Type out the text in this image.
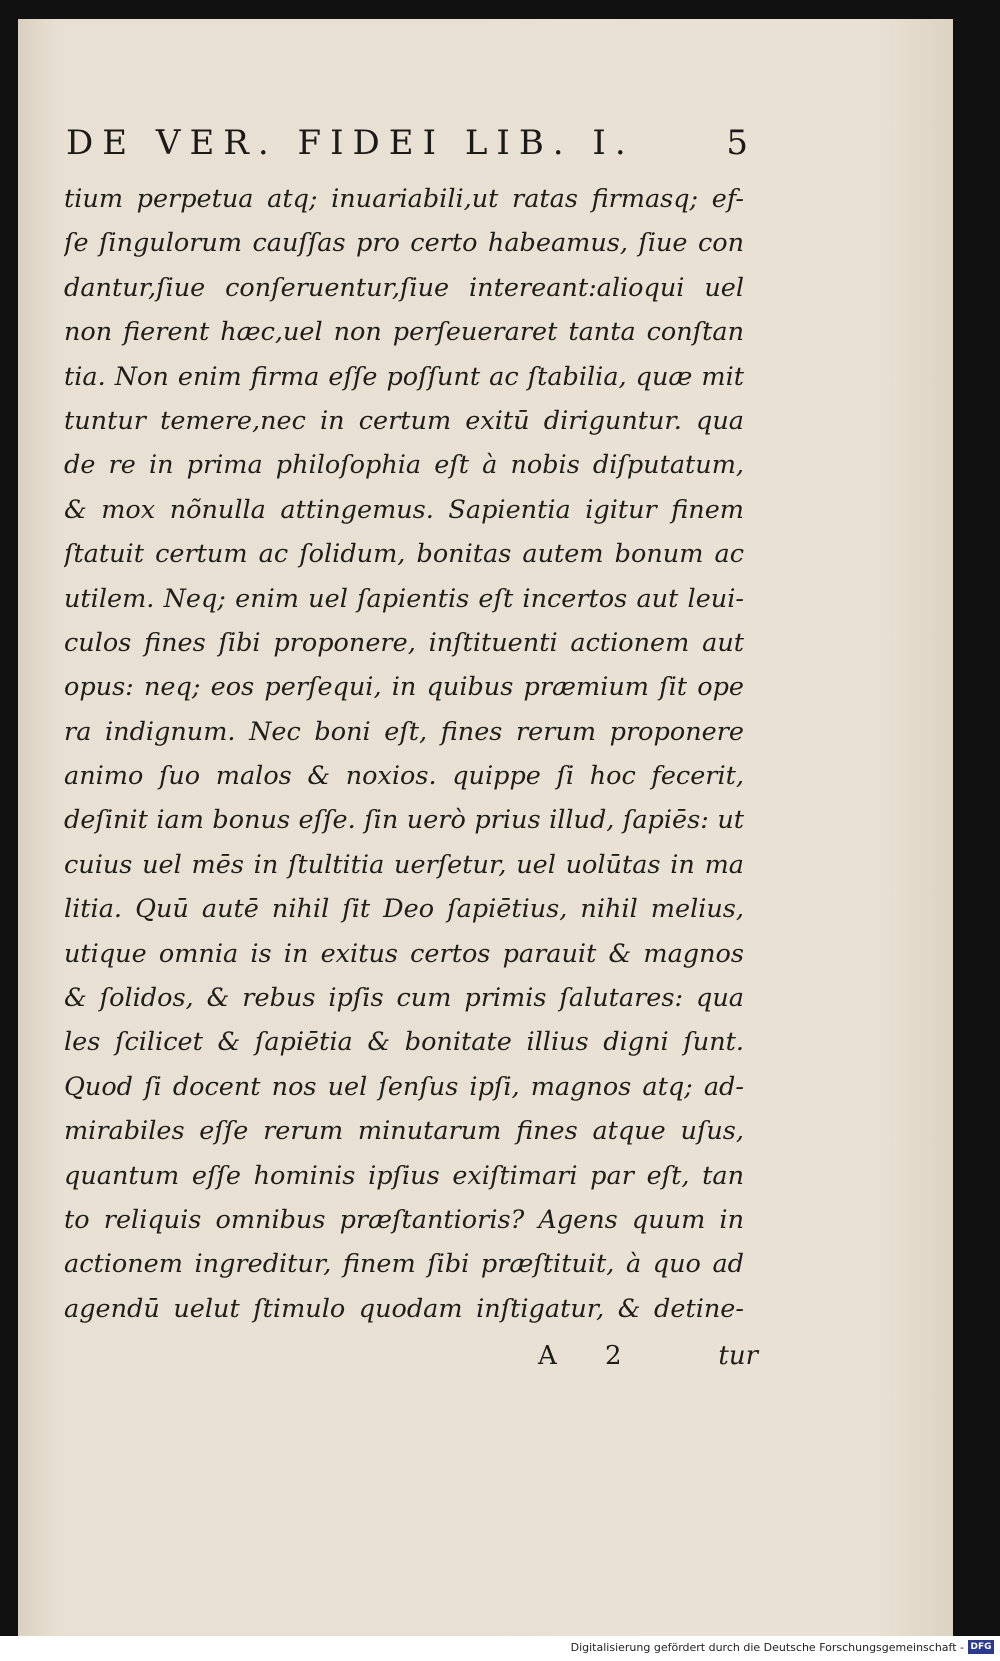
DE VER. FIDEI LIB. I.	5
tium perpetua atq; inuariabili,ut ratas firmasq; ef-
ſe ſingulorum cauſſas pro certo habeamus, ſiue con
dantur,ſiue conſeruentur,ſiue intereant:alioqui uel
non fierent hæc,uel non perſeueraret tanta conſtan
tia. Non enim firma eſſe poſſunt ac ſtabilia, quæ mit
tuntur temere,nec in certum exitū diriguntur. qua
de re in prima philoſophia eſt à nobis diſputatum,
& mox nõnulla attingemus. Sapientia igitur finem
ſtatuit certum ac ſolidum, bonitas autem bonum ac
utilem. Neq; enim uel ſapientis eſt incertos aut leui-
culos fines ſibi proponere, inſtituenti actionem aut
opus: neq; eos perſequi, in quibus præmium ſit ope
ra indignum. Nec boni eſt, fines rerum proponere
animo ſuo malos & noxios. quippe ſi hoc fecerit,
deſinit iam bonus eſſe. ſin uerò prius illud, ſapiēs: ut
cuius uel mēs in ſtultitia uerſetur, uel uolūtas in ma
litia. Quū autē nihil ſit Deo ſapiētius, nihil melius,
utique omnia is in exitus certos parauit & magnos
& ſolidos, & rebus ipſis cum primis ſalutares: qua
les ſcilicet & ſapiētia & bonitate illius digni ſunt.
Quod ſi docent nos uel ſenſus ipſi, magnos atq; ad-
mirabiles eſſe rerum minutarum fines atque uſus,
quantum eſſe hominis ipſius exiſtimari par eſt, tan
to reliquis omnibus præſtantioris? Agens quum in
actionem ingreditur, finem ſibi præſtituit, à quo ad
agendū uelut ſtimulo quodam inſtigatur, & detine-
A 2	tur
Digitalisierung gefördert durch die Deutsche Forschungsgemeinschaft - DFG
